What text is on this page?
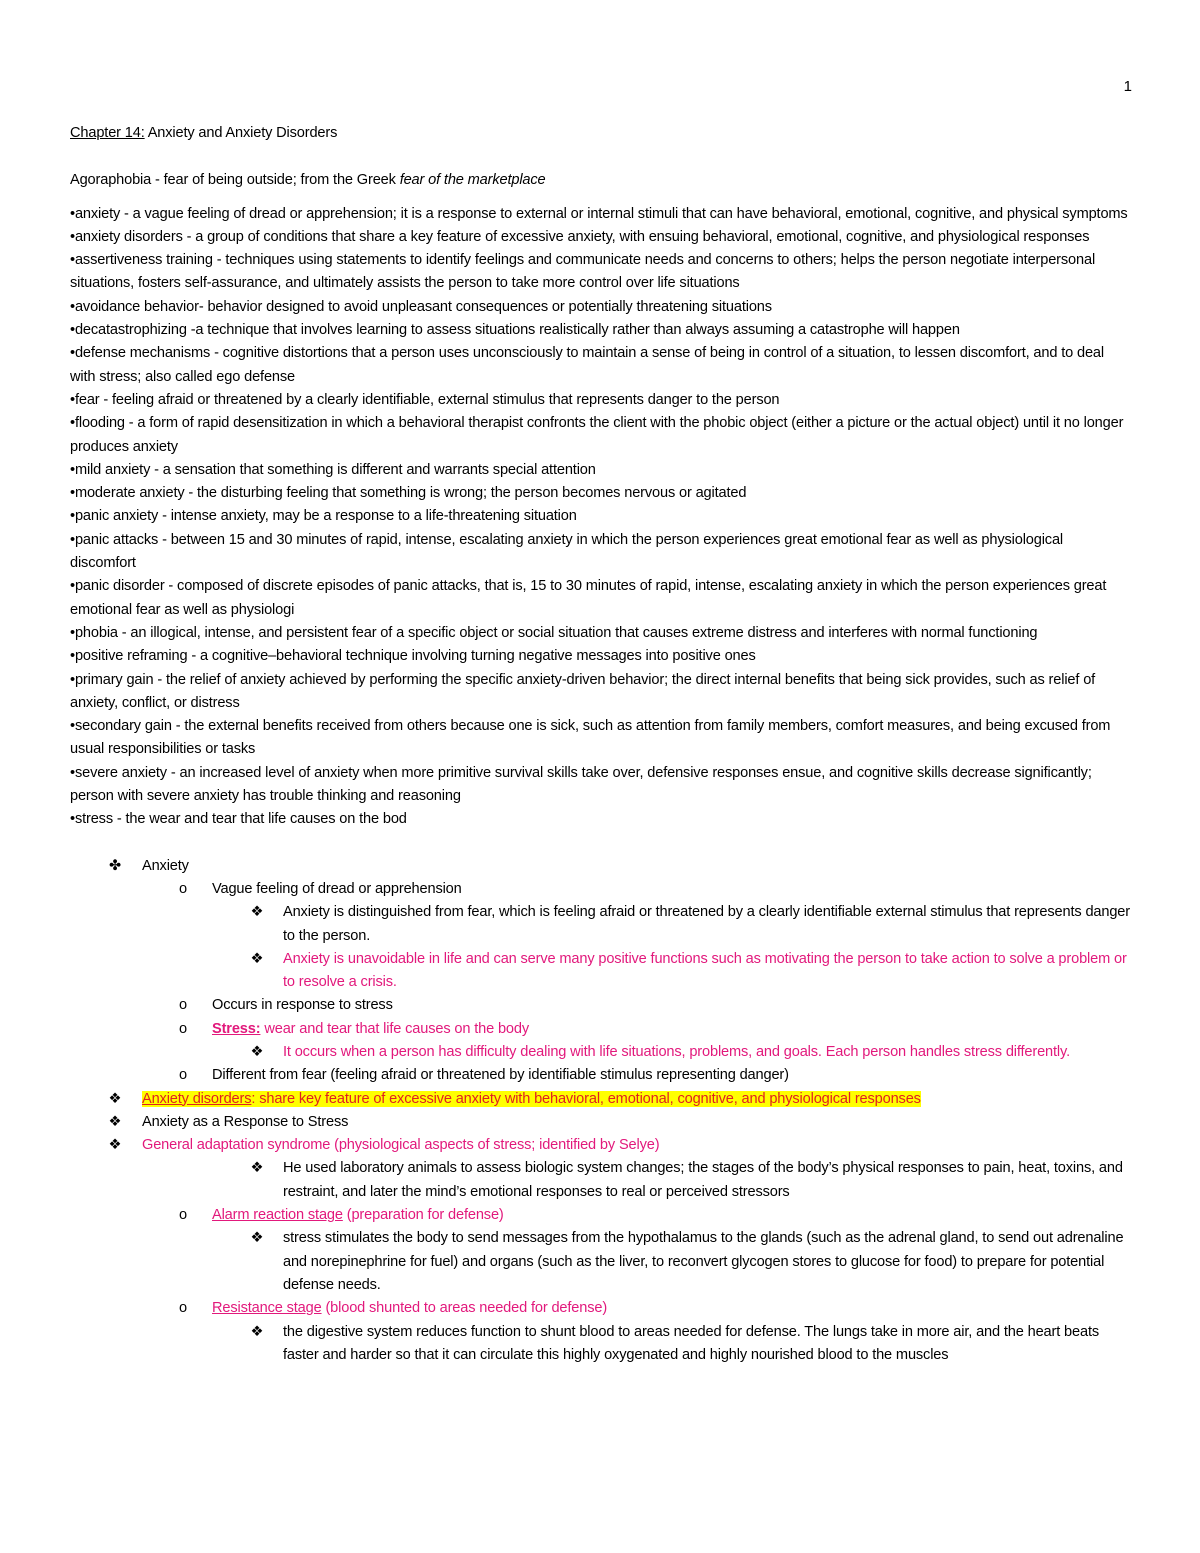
1
Chapter 14: Anxiety and Anxiety Disorders
Agoraphobia - fear of being outside; from the Greek fear of the marketplace
•anxiety - a vague feeling of dread or apprehension; it is a response to external or internal stimuli that can have behavioral, emotional, cognitive, and physical symptoms
•anxiety disorders - a group of conditions that share a key feature of excessive anxiety, with ensuing behavioral, emotional, cognitive, and physiological responses
•assertiveness training - techniques using statements to identify feelings and communicate needs and concerns to others; helps the person negotiate interpersonal situations, fosters self-assurance, and ultimately assists the person to take more control over life situations
•avoidance behavior- behavior designed to avoid unpleasant consequences or potentially threatening situations
•decatastrophizing -a technique that involves learning to assess situations realistically rather than always assuming a catastrophe will happen
•defense mechanisms - cognitive distortions that a person uses unconsciously to maintain a sense of being in control of a situation, to lessen discomfort, and to deal with stress; also called ego defense
•fear - feeling afraid or threatened by a clearly identifiable, external stimulus that represents danger to the person
•flooding - a form of rapid desensitization in which a behavioral therapist confronts the client with the phobic object (either a picture or the actual object) until it no longer produces anxiety
•mild anxiety - a sensation that something is different and warrants special attention
•moderate anxiety - the disturbing feeling that something is wrong; the person becomes nervous or agitated
•panic anxiety - intense anxiety, may be a response to a life-threatening situation
•panic attacks - between 15 and 30 minutes of rapid, intense, escalating anxiety in which the person experiences great emotional fear as well as physiological discomfort
•panic disorder - composed of discrete episodes of panic attacks, that is, 15 to 30 minutes of rapid, intense, escalating anxiety in which the person experiences great emotional fear as well as physiologi
•phobia - an illogical, intense, and persistent fear of a specific object or social situation that causes extreme distress and interferes with normal functioning
•positive reframing - a cognitive–behavioral technique involving turning negative messages into positive ones
•primary gain - the relief of anxiety achieved by performing the specific anxiety-driven behavior; the direct internal benefits that being sick provides, such as relief of anxiety, conflict, or distress
•secondary gain - the external benefits received from others because one is sick, such as attention from family members, comfort measures, and being excused from usual responsibilities or tasks
•severe anxiety - an increased level of anxiety when more primitive survival skills take over, defensive responses ensue, and cognitive skills decrease significantly; person with severe anxiety has trouble thinking and reasoning
•stress - the wear and tear that life causes on the bod
✤ Anxiety
o	Vague feeling of dread or apprehension
❖ Anxiety is distinguished from fear, which is feeling afraid or threatened by a clearly identifiable external stimulus that represents danger to the person.
❖ Anxiety is unavoidable in life and can serve many positive functions such as motivating the person to take action to solve a problem or to resolve a crisis.
o	Occurs in response to stress
o	Stress: wear and tear that life causes on the body
❖ It occurs when a person has difficulty dealing with life situations, problems, and goals. Each person handles stress differently.
o	Different from fear (feeling afraid or threatened by identifiable stimulus representing danger)
❖ Anxiety disorders: share key feature of excessive anxiety with behavioral, emotional, cognitive, and physiological responses
❖ Anxiety as a Response to Stress
❖ General adaptation syndrome (physiological aspects of stress; identified by Selye)
❖ He used laboratory animals to assess biologic system changes; the stages of the body’s physical responses to pain, heat, toxins, and restraint, and later the mind’s emotional responses to real or perceived stressors
o	Alarm reaction stage (preparation for defense)
❖ stress stimulates the body to send messages from the hypothalamus to the glands (such as the adrenal gland, to send out adrenaline and norepinephrine for fuel) and organs (such as the liver, to reconvert glycogen stores to glucose for food) to prepare for potential defense needs.
o	Resistance stage (blood shunted to areas needed for defense)
❖ the digestive system reduces function to shunt blood to areas needed for defense. The lungs take in more air, and the heart beats faster and harder so that it can circulate this highly oxygenated and highly nourished blood to the muscles
